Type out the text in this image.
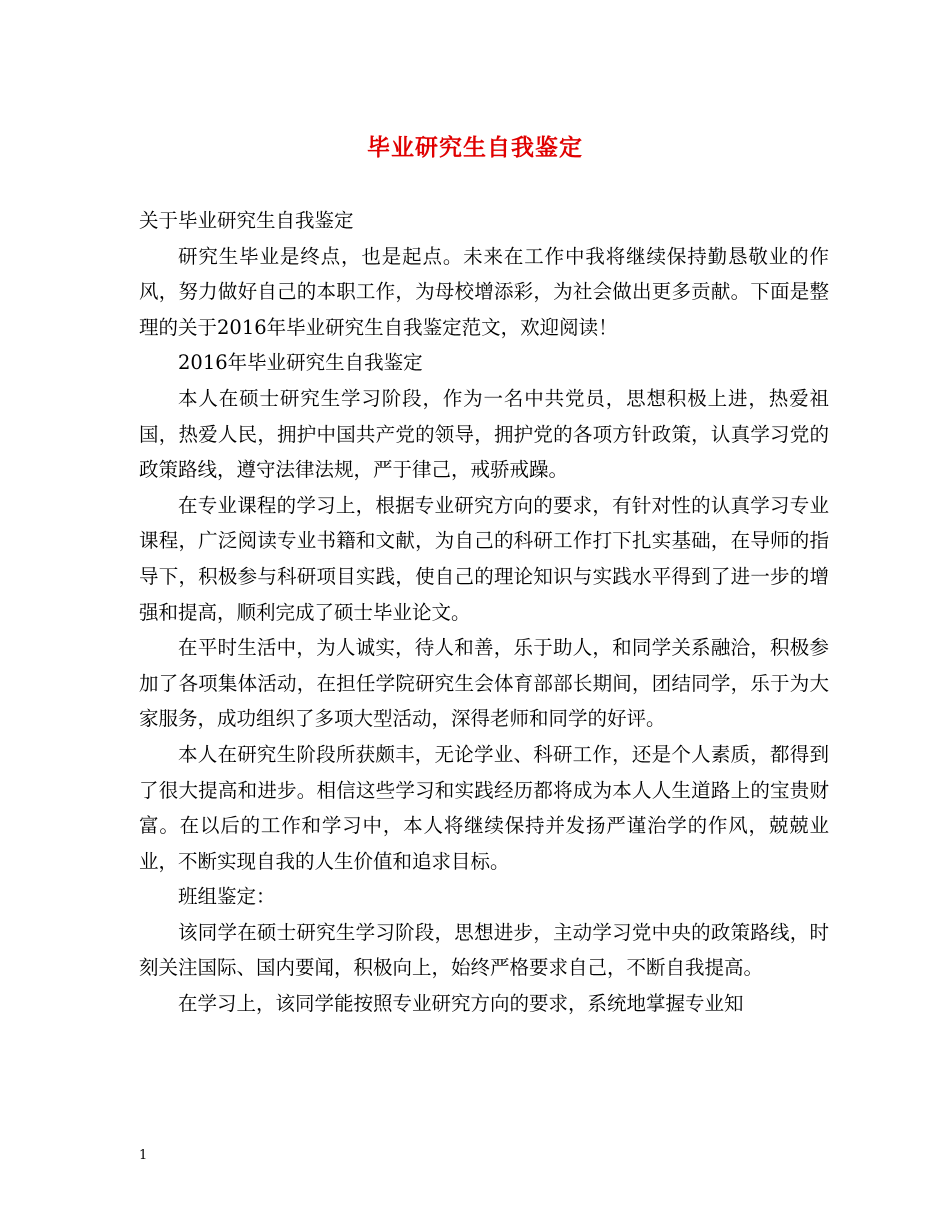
毕业研究生自我鉴定

关于毕业研究生自我鉴定

研究生毕业是终点，也是起点。未来在工作中我将继续保持勤恳敬业的作风，努力做好自己的本职工作，为母校增添彩，为社会做出更多贡献。下面是整理的关于2016年毕业研究生自我鉴定范文，欢迎阅读！

2016年毕业研究生自我鉴定

本人在硕士研究生学习阶段，作为一名中共党员，思想积极上进，热爱祖国，热爱人民，拥护中国共产党的领导，拥护党的各项方针政策，认真学习党的政策路线，遵守法律法规，严于律己，戒骄戒躁。

在专业课程的学习上，根据专业研究方向的要求，有针对性的认真学习专业课程，广泛阅读专业书籍和文献，为自己的科研工作打下扎实基础，在导师的指导下，积极参与科研项目实践，使自己的理论知识与实践水平得到了进一步的增强和提高，顺利完成了硕士毕业论文。

在平时生活中，为人诚实，待人和善，乐于助人，和同学关系融洽，积极参加了各项集体活动，在担任学院研究生会体育部部长期间，团结同学，乐于为大家服务，成功组织了多项大型活动，深得老师和同学的好评。

本人在研究生阶段所获颇丰，无论学业、科研工作，还是个人素质，都得到了很大提高和进步。相信这些学习和实践经历都将成为本人人生道路上的宝贵财富。在以后的工作和学习中，本人将继续保持并发扬严谨治学的作风，兢兢业业，不断实现自我的人生价值和追求目标。

班组鉴定：

该同学在硕士研究生学习阶段，思想进步，主动学习党中央的政策路线，时刻关注国际、国内要闻，积极向上，始终严格要求自己，不断自我提高。

在学习上，该同学能按照专业研究方向的要求，系统地掌握专业知

1
